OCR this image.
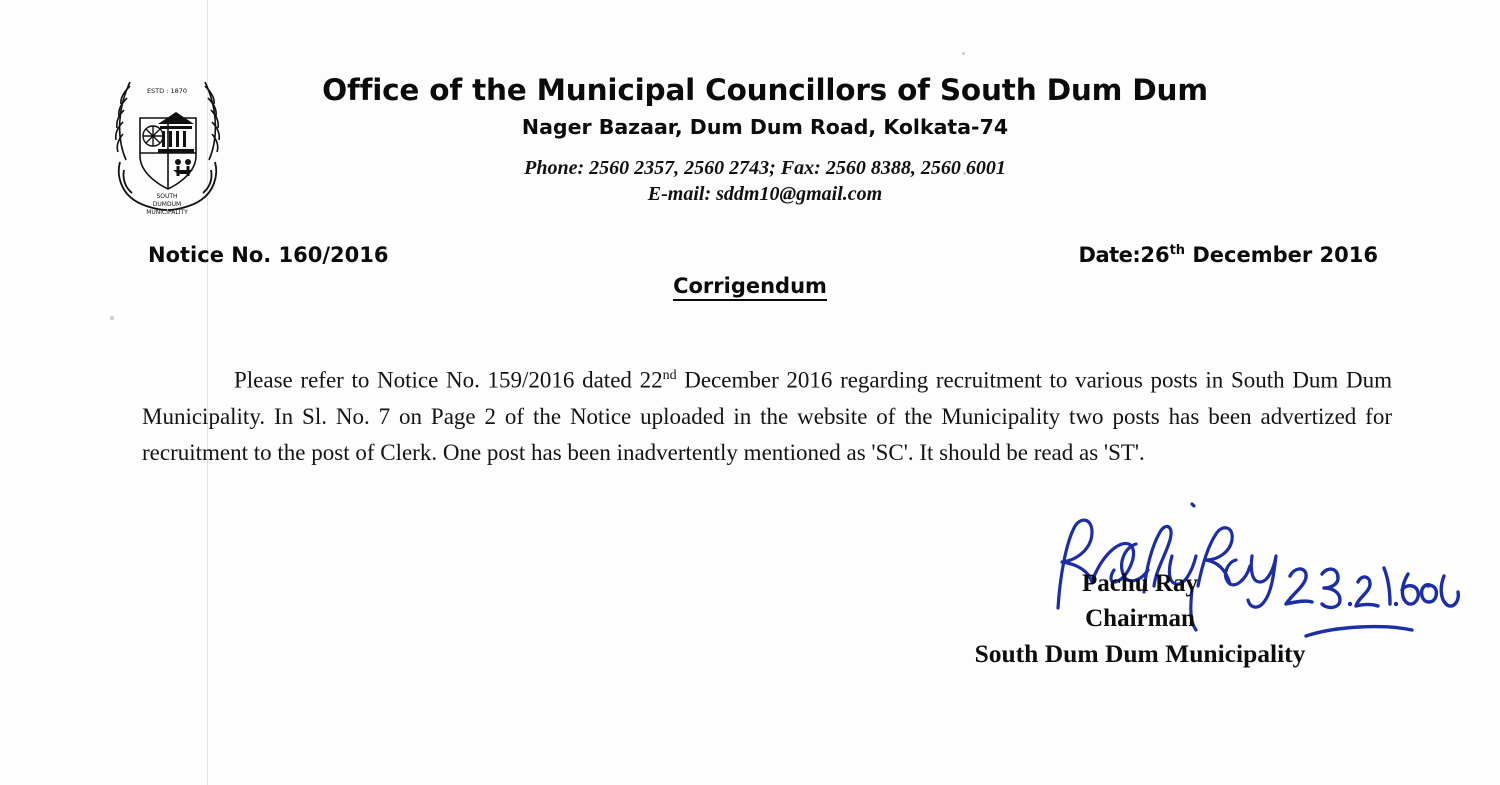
ESTD : 1870
SOUTH
DUMDUM
MUNICIPALITY
Office of the Municipal Councillors of South Dum Dum
Nager Bazaar, Dum Dum Road, Kolkata-74
Phone: 2560 2357, 2560 2743; Fax: 2560 8388, 2560 6001
E-mail: sddm10@gmail.com
Notice No. 160/2016	Date:26th December 2016
Corrigendum

Please refer to Notice No. 159/2016 dated 22nd December 2016 regarding recruitment to various posts in South Dum Dum Municipality. In Sl. No. 7 on Page 2 of the Notice uploaded in the website of the Municipality two posts has been advertized for recruitment to the post of Clerk. One post has been inadvertently mentioned as 'SC'. It should be read as 'ST'.

Pachu Ray
Chairman
South Dum Dum Municipality
